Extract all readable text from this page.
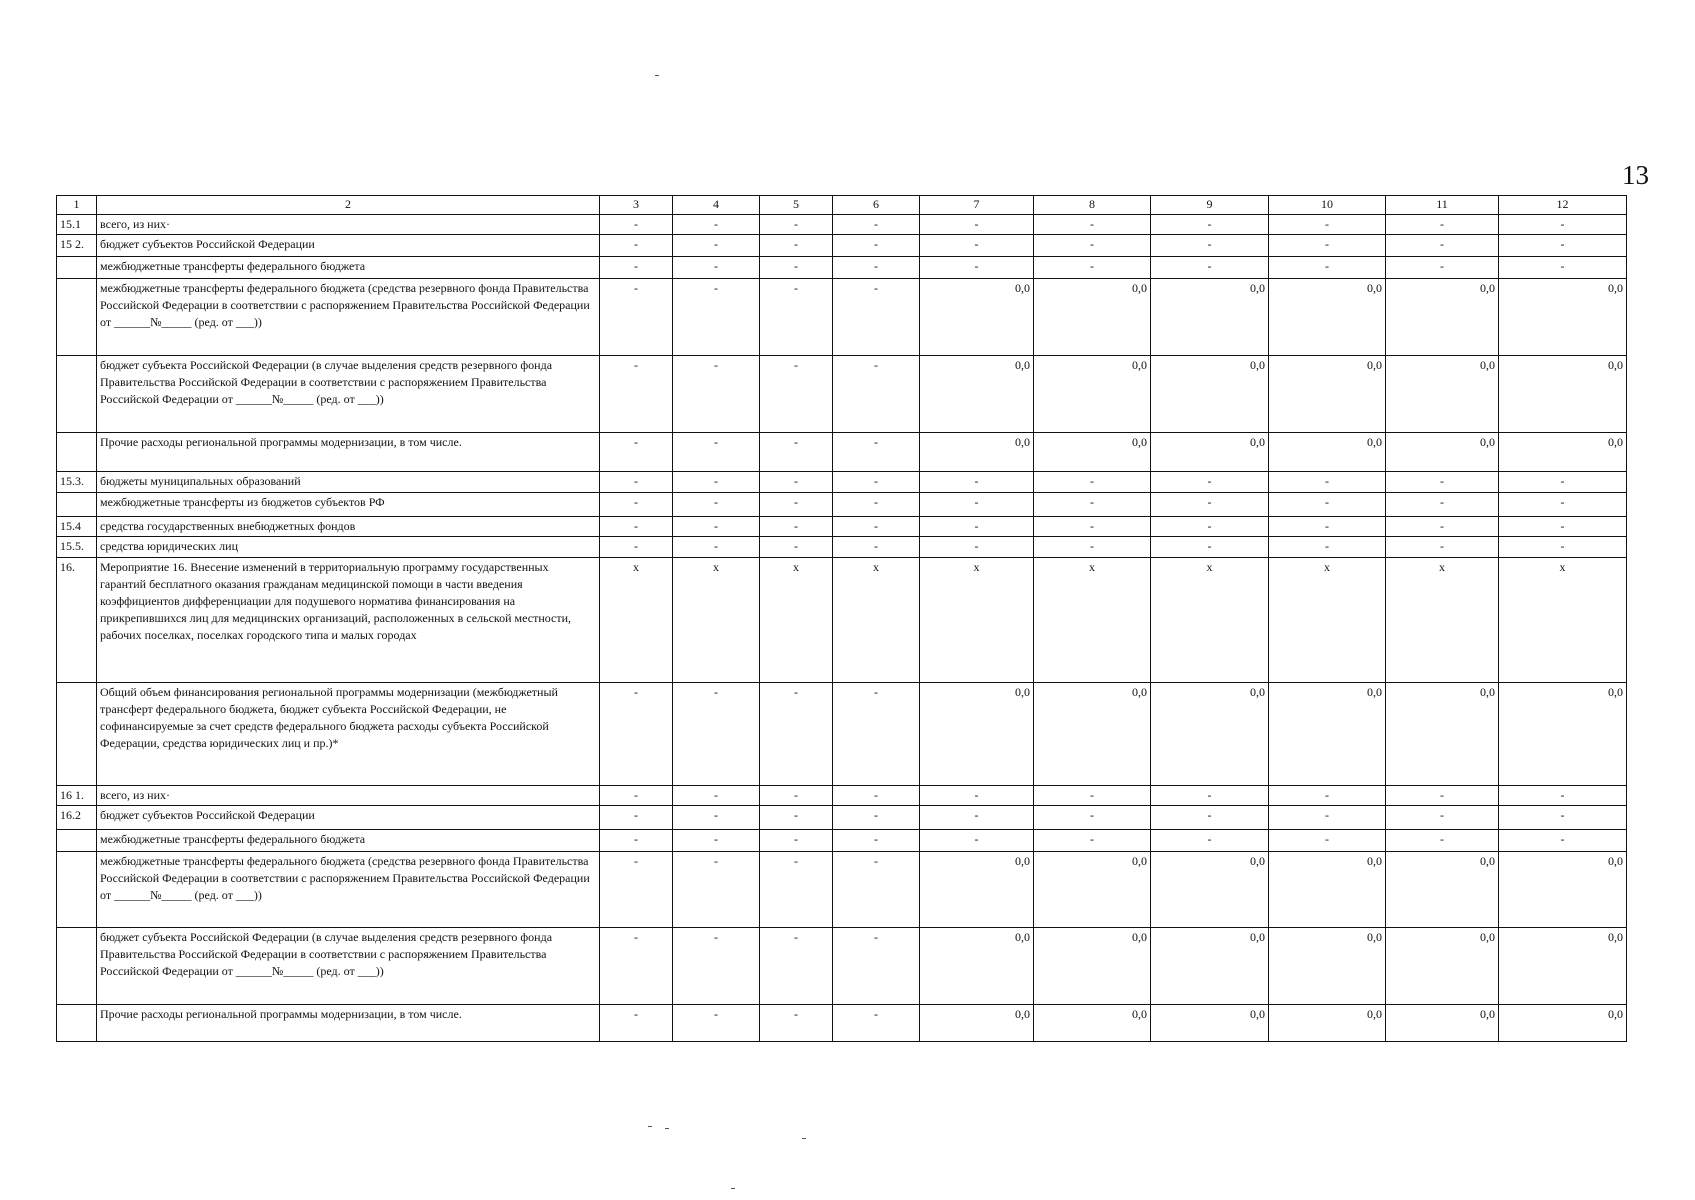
13
1	2	3	4	5	6	7	8	9	10	11	12
15.1	всего, из них·	-	-	-	-	-	-	-	-	-	-
15 2.	бюджет субъектов Российской Федерации	-	-	-	-	-	-	-	-	-	-
	межбюджетные трансферты федерального бюджета	-	-	-	-	-	-	-	-	-	-
	межбюджетные трансферты федерального бюджета (средства резервного фонда Правительства Российской Федерации в соответствии с распоряжением Правительства Российской Федерации от ______№_____ (ред. от ___))	-	-	-	-	0,0	0,0	0,0	0,0	0,0	0,0
	бюджет субъекта Российской Федерации (в случае выделения средств резервного фонда Правительства Российской Федерации в соответствии с распоряжением Правительства Российской Федерации от ______№_____ (ред. от ___))	-	-	-	-	0,0	0,0	0,0	0,0	0,0	0,0
	Прочие расходы региональной программы модернизации, в том числе.	-	-	-	-	0,0	0,0	0,0	0,0	0,0	0,0
15.3.	бюджеты муниципальных образований	-	-	-	-	-	-	-	-	-	-
	межбюджетные трансферты из бюджетов субъектов РФ	-	-	-	-	-	-	-	-	-	-
15.4	средства государственных внебюджетных фондов	-	-	-	-	-	-	-	-	-	-
15.5.	средства юридических лиц	-	-	-	-	-	-	-	-	-	-
16.	Мероприятие 16. Внесение изменений в территориальную программу государственных гарантий бесплатного оказания гражданам медицинской помощи в части введения коэффициентов дифференциации для подушевого норматива финансирования на прикрепившихся лиц для медицинских организаций, расположенных в сельской местности, рабочих поселках, поселках городского типа и малых городах	x	x	x	x	x	x	x	x	x	x
	Общий объем финансирования региональной программы модернизации (межбюджетный трансферт федерального бюджета, бюджет субъекта Российской Федерации, не софинансируемые за счет средств федерального бюджета расходы субъекта Российской Федерации, средства юридических лиц и пр.)*	-	-	-	-	0,0	0,0	0,0	0,0	0,0	0,0
16 1.	всего, из них·	-	-	-	-	-	-	-	-	-	-
16.2	бюджет субъектов Российской Федерации	-	-	-	-	-	-	-	-	-	-
	межбюджетные трансферты федерального бюджета	-	-	-	-	-	-	-	-	-	-
	межбюджетные трансферты федерального бюджета (средства резервного фонда Правительства Российской Федерации в соответствии с распоряжением Правительства Российской Федерации от ______№_____ (ред. от ___))	-	-	-	-	0,0	0,0	0,0	0,0	0,0	0,0
	бюджет субъекта Российской Федерации (в случае выделения средств резервного фонда Правительства Российской Федерации в соответствии с распоряжением Правительства Российской Федерации от ______№_____ (ред. от ___))	-	-	-	-	0,0	0,0	0,0	0,0	0,0	0,0
	Прочие расходы региональной программы модернизации, в том числе.	-	-	-	-	0,0	0,0	0,0	0,0	0,0	0,0
